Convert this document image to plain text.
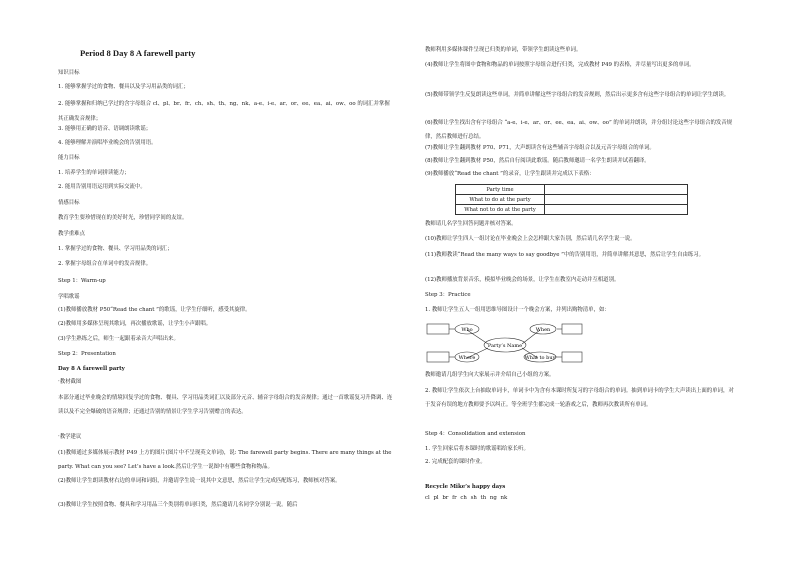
Period 8 Day 8 A farewell party
知识目标
1. 能够掌握学过的食物、餐具以及学习用品类的词汇；
2. 能够掌握和归纳已学过的含字母组合 cl、pl、br、fr、ch、sh、th、ng、nk、a-e、i-e、ar、or、ee、ea、ai、ow、oo 的词汇并掌握其正确发音规律；
3. 能够用正确的语音、语调朗读歌谣；
4. 能够理解并演唱毕业晚会的告别用语。
能力目标
1. 培养学生的单词拼读能力；
2. 能用告别用语运用到实际交流中。
情感目标
教育学生要珍惜现在的美好时光，珍惜同学间的友谊。
教学重难点
1. 掌握学过的食物、餐具、学习用品类的词汇；
2. 掌握字母组合在单词中的发音规律。
Step 1：Warm-up
学唱歌谣
(1)教师播放教材 P50“Read the chant ”的歌谣，让学生仔细听，感受其旋律。
(2)教师用多媒体呈现其歌词，再次播放歌谣，让学生小声跟唱。
(3)学生熟练之后，师生一起跟着录音大声唱出来。
Step 2：Presentation
Day 8 A farewell party
·教材截图
本部分通过毕业晚会的情境回复学过的食物、餐具、学习用品类词汇以及部分元音、辅音字母组合的发音规律；通过一首歌谣复习升降调、连读以及不完全爆破的语音规律；还通过告别的情景让学生学习告别赠言的表达。
·教学建议
(1)教师通过多媒体展示教材 P49 上方的图片(图片中不呈现英文单词)，说: The farewell party begins. There are many things at the party. What can you see? Let’s have a look.然后让学生一说图中有哪些食物和物品。
(2)教师让学生朗读教材右边的单词和词组，并邀请学生说一说其中文意思，然后让学生完成匹配练习，教师核对答案。
(3)教师让学生按照食物、餐具和学习用品三个类别将单词归类，然后邀请几名同学分别说一说。随后
教师利用多媒体课件呈现已归类的单词，带领学生朗读这些单词。
(4)教师让学生将图中食物和物品的单词按照字母组合进行归类，完成教材 P49 的表格，并尽量写出更多的单词。
(5)教师带领学生反复朗读这些单词，并简单讲解这些字母组合的发音规则，然后出示更多含有这些字母组合的单词让学生朗读。
(6)教师让学生找出含有字母组合 “a-e、i-e、ar、or、ee、ea、ai、ow、oo” 的单词并朗读，并分组讨论这些字母组合的发音规律，然后教师进行总结。
(7)教师让学生翻到教材 P70、P71，大声朗读含有这些辅音字母组合以及元音字母组合的单词。
(8)教师让学生翻到教材 P50，然后自行阅读此歌谣。随后教师邀请一名学生朗读并试着翻译。
(9)教师播放“Read the chant ”的录音，让学生跟读并完成以下表格：
教师请几名学生回答问题并核对答案。
(10)教师让学生四人一组讨论在毕业晚会上会怎样跟大家告别，然后请几名学生说一说。
(11)教师教读“Read the many ways to say goodbye ”中的告别用语，并简单讲解其意思，然后让学生自由练习。
(12)教师播放背景音乐，模拟毕业晚会的场景，让学生在教室内走动并互相道别。
Step 3：Practice
1. 教师让学生五人一组用思维导图设计一个晚会方案，并列出购物清单，如：
教师邀请几组学生向大家展示并介绍自己小组的方案。
2. 教师让学生依次上台抽取单词卡，单词卡中为含有本课时所复习的字母组合的单词。抽到单词卡的学生大声读出上面的单词，对于发音有误的地方教师要予以纠正。等全班学生都完成一轮游戏之后，教师再次教读所有单词。
Step 4：Consolidation and extension
1. 学生回家后将本课时的歌谣唱给家长听。
2. 完成配套的课时作业。
Recycle Mike’s happy days
cl pl br fr ch sh th ng nk
Party time	
What to do at the party	
What not to do at the party	
Party’s Name
Who	When
Where	What to buy
